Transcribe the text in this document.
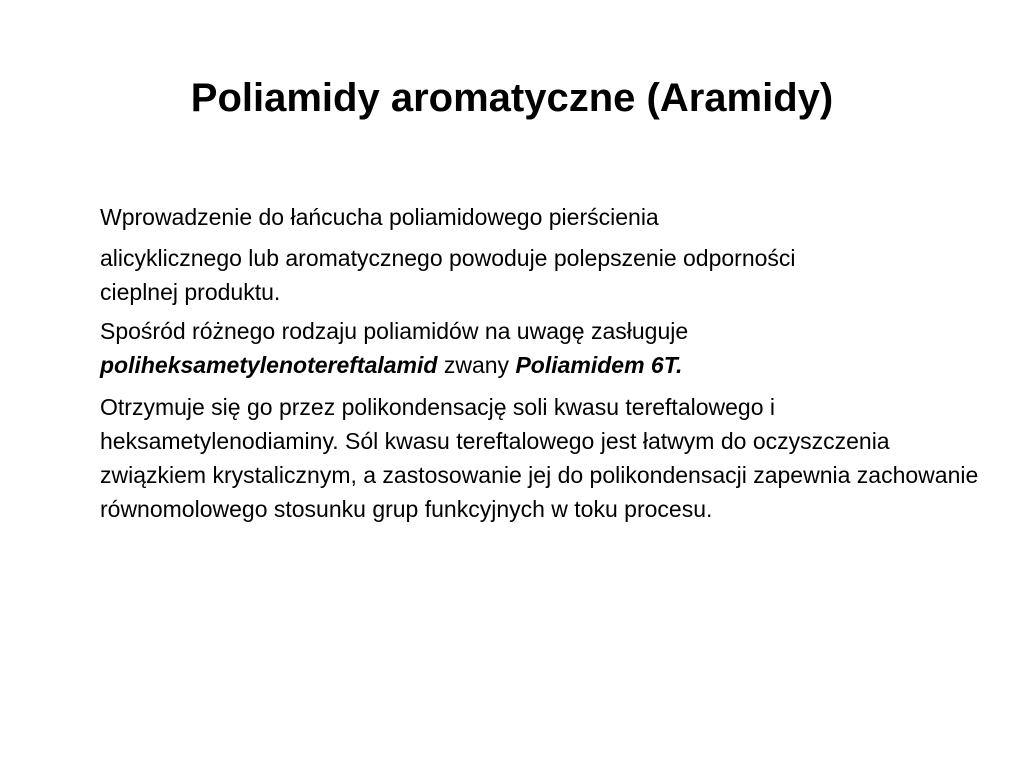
Poliamidy aromatyczne (Aramidy)

Wprowadzenie do łańcucha poliamidowego pierścienia
alicyklicznego lub aromatycznego powoduje polepszenie odporności
cieplnej produktu.

Spośród różnego rodzaju poliamidów na uwagę zasługuje poliheksametylenotereftalamid zwany Poliamidem 6T.

Otrzymuje się go przez polikondensację soli kwasu tereftalowego i heksametylenodiaminy. Sól kwasu tereftalowego jest łatwym do oczyszczenia związkiem krystalicznym, a zastosowanie jej do polikondensacji zapewnia zachowanie równomolowego stosunku grup funkcyjnych w toku procesu.
